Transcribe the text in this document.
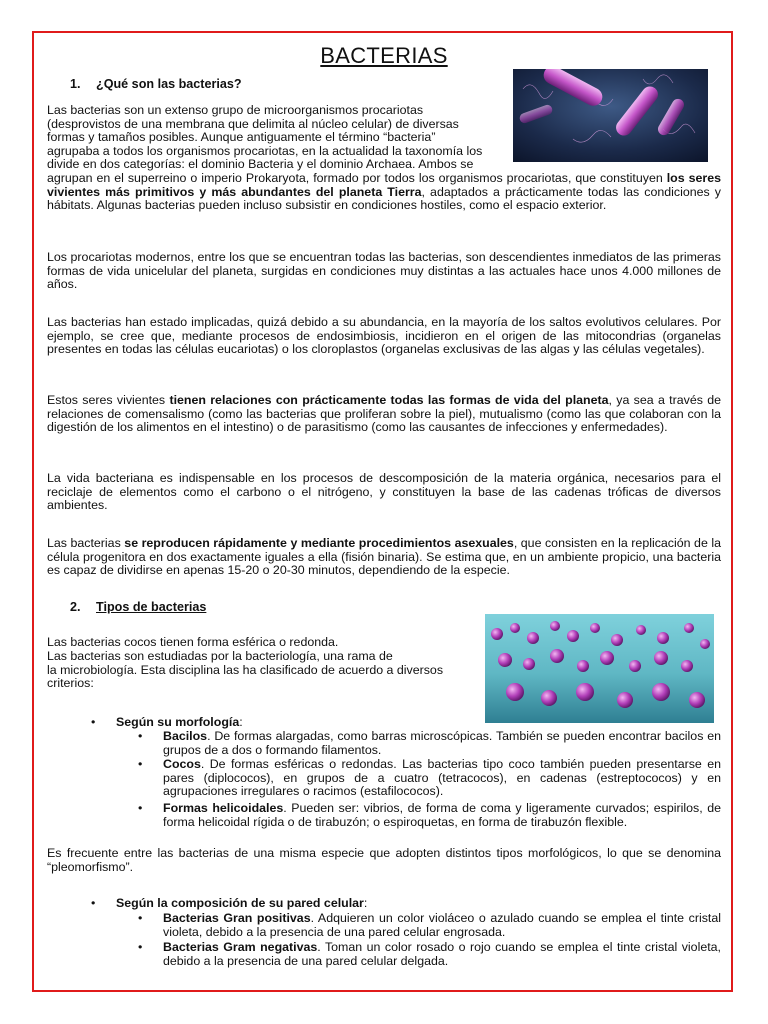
BACTERIAS
1. ¿Qué son las bacterias?
Las bacterias son un extenso grupo de microorganismos procariotas
(desprovistos de una membrana que delimita al núcleo celular) de diversas
formas y tamaños posibles. Aunque antiguamente el término “bacteria”
agrupaba a todos los organismos procariotas, en la actualidad la taxonomía los
divide en dos categorías: el dominio Bacteria y el dominio Archaea. Ambos se
agrupan en el superreino o imperio Prokaryota, formado por todos los organismos procariotas, que constituyen los seres vivientes más primitivos y más abundantes del planeta Tierra, adaptados a prácticamente todas las condiciones y hábitats. Algunas bacterias pueden incluso subsistir en condiciones hostiles, como el espacio exterior.
Los procariotas modernos, entre los que se encuentran todas las bacterias, son descendientes inmediatos de las primeras formas de vida unicelular del planeta, surgidas en condiciones muy distintas a las actuales hace unos 4.000 millones de años.
Las bacterias han estado implicadas, quizá debido a su abundancia, en la mayoría de los saltos evolutivos celulares. Por ejemplo, se cree que, mediante procesos de endosimbiosis, incidieron en el origen de las mitocondrias (organelas presentes en todas las células eucariotas) o los cloroplastos (organelas exclusivas de las algas y las células vegetales).
Estos seres vivientes tienen relaciones con prácticamente todas las formas de vida del planeta, ya sea a través de relaciones de comensalismo (como las bacterias que proliferan sobre la piel), mutualismo (como las que colaboran con la digestión de los alimentos en el intestino) o de parasitismo (como las causantes de infecciones y enfermedades).
La vida bacteriana es indispensable en los procesos de descomposición de la materia orgánica, necesarios para el reciclaje de elementos como el carbono o el nitrógeno, y constituyen la base de las cadenas tróficas de diversos ambientes.
Las bacterias se reproducen rápidamente y mediante procedimientos asexuales, que consisten en la replicación de la célula progenitora en dos exactamente iguales a ella (fisión binaria). Se estima que, en un ambiente propicio, una bacteria es capaz de dividirse en apenas 15-20 o 20-30 minutos, dependiendo de la especie.
2. Tipos de bacterias
Las bacterias cocos tienen forma esférica o redonda.
Las bacterias son estudiadas por la bacteriología, una rama de
la microbiología. Esta disciplina las ha clasificado de acuerdo a diversos
criterios:
• Según su morfología:
• Bacilos. De formas alargadas, como barras microscópicas. También se pueden encontrar bacilos en grupos de a dos o formando filamentos.
• Cocos. De formas esféricas o redondas. Las bacterias tipo coco también pueden presentarse en pares (diplococos), en grupos de a cuatro (tetracocos), en cadenas (estreptococos) y en agrupaciones irregulares o racimos (estafilococos).
• Formas helicoidales. Pueden ser: vibrios, de forma de coma y ligeramente curvados; espirilos, de forma helicoidal rígida o de tirabuzón; o espiroquetas, en forma de tirabuzón flexible.
Es frecuente entre las bacterias de una misma especie que adopten distintos tipos morfológicos, lo que se denomina “pleomorfismo”.
• Según la composición de su pared celular:
• Bacterias Gran positivas. Adquieren un color violáceo o azulado cuando se emplea el tinte cristal violeta, debido a la presencia de una pared celular engrosada.
• Bacterias Gram negativas. Toman un color rosado o rojo cuando se emplea el tinte cristal violeta, debido a la presencia de una pared celular delgada.
